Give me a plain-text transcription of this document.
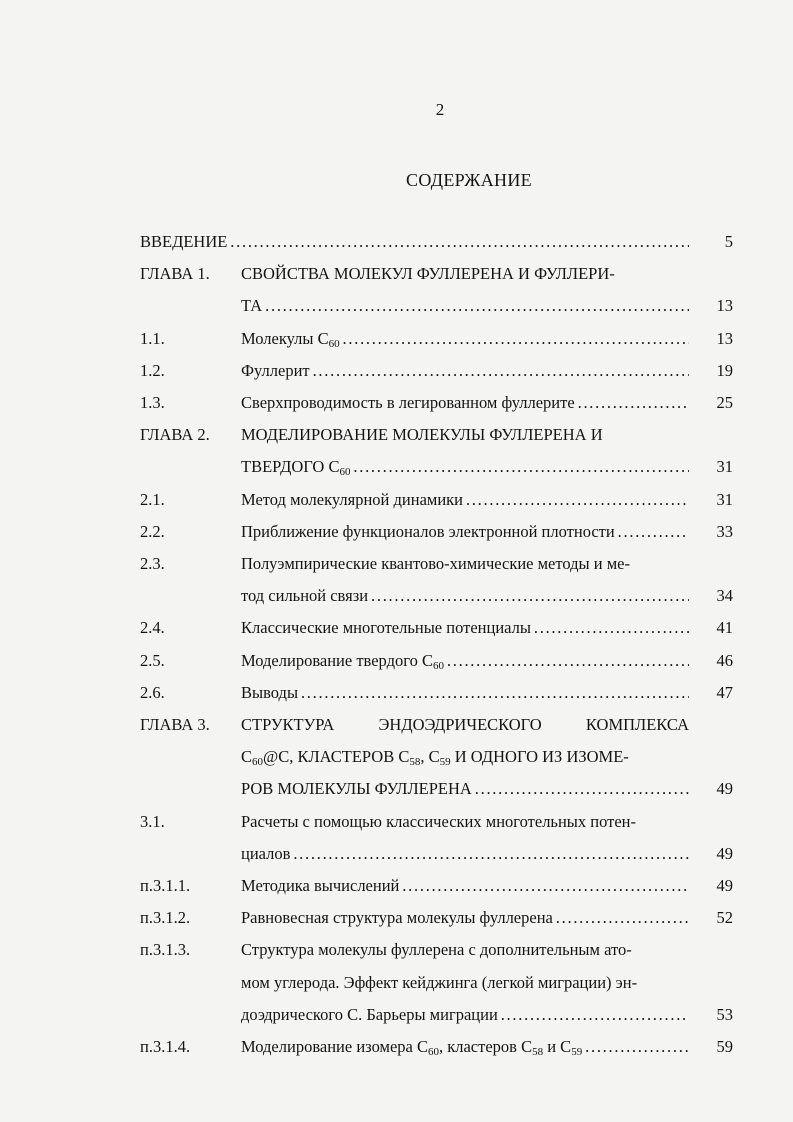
2
СОДЕРЖАНИЕ
ВВЕДЕНИЕ . . .	5
ГЛАВА 1. СВОЙСТВА МОЛЕКУЛ ФУЛЛЕРЕНА И ФУЛЛЕРИ-
ТА . . .	13
1.1.	Молекулы $C_{60}$ . . .	13
1.2.	Фуллерит . . .	19
1.3.	Сверхпроводимость в легированном фуллерите . . .	25
ГЛАВА 2. МОДЕЛИРОВАНИЕ МОЛЕКУЛЫ ФУЛЛЕРЕНА И
ТВЕРДОГО $C_{60}$ . . .	31
2.1.	Метод молекулярной динамики . . .	31
2.2.	Приближение функционалов электронной плотности . . .	33
2.3.	Полуэмпирические квантово-химические методы и ме-
тод сильной связи . . .	34
2.4.	Классические многотельные потенциалы . . .	41
2.5.	Моделирование твердого $C_{60}$ . . .	46
2.6.	Выводы . . .	47
ГЛАВА 3. СТРУКТУРА ЭНДОЭДРИЧЕСКОГО КОМПЛЕКСА
$C_{60}@C$, КЛАСТЕРОВ $C_{58}$, $C_{59}$ И ОДНОГО ИЗ ИЗОМЕ-
РОВ МОЛЕКУЛЫ ФУЛЛЕРЕНА . . .	49
3.1.	Расчеты с помощью классических многотельных потен-
циалов . . .	49
п.3.1.1.	Методика вычислений . . .	49
п.3.1.2.	Равновесная структура молекулы фуллерена . . .	52
п.3.1.3.	Структура молекулы фуллерена с дополнительным ато-
мом углерода. Эффект кейджинга (легкой миграции) эн-
доэдрического C. Барьеры миграции . . .	53
п.3.1.4.	Моделирование изомера $C_{60}$, кластеров $C_{58}$ и $C_{59}$ . . .	59
